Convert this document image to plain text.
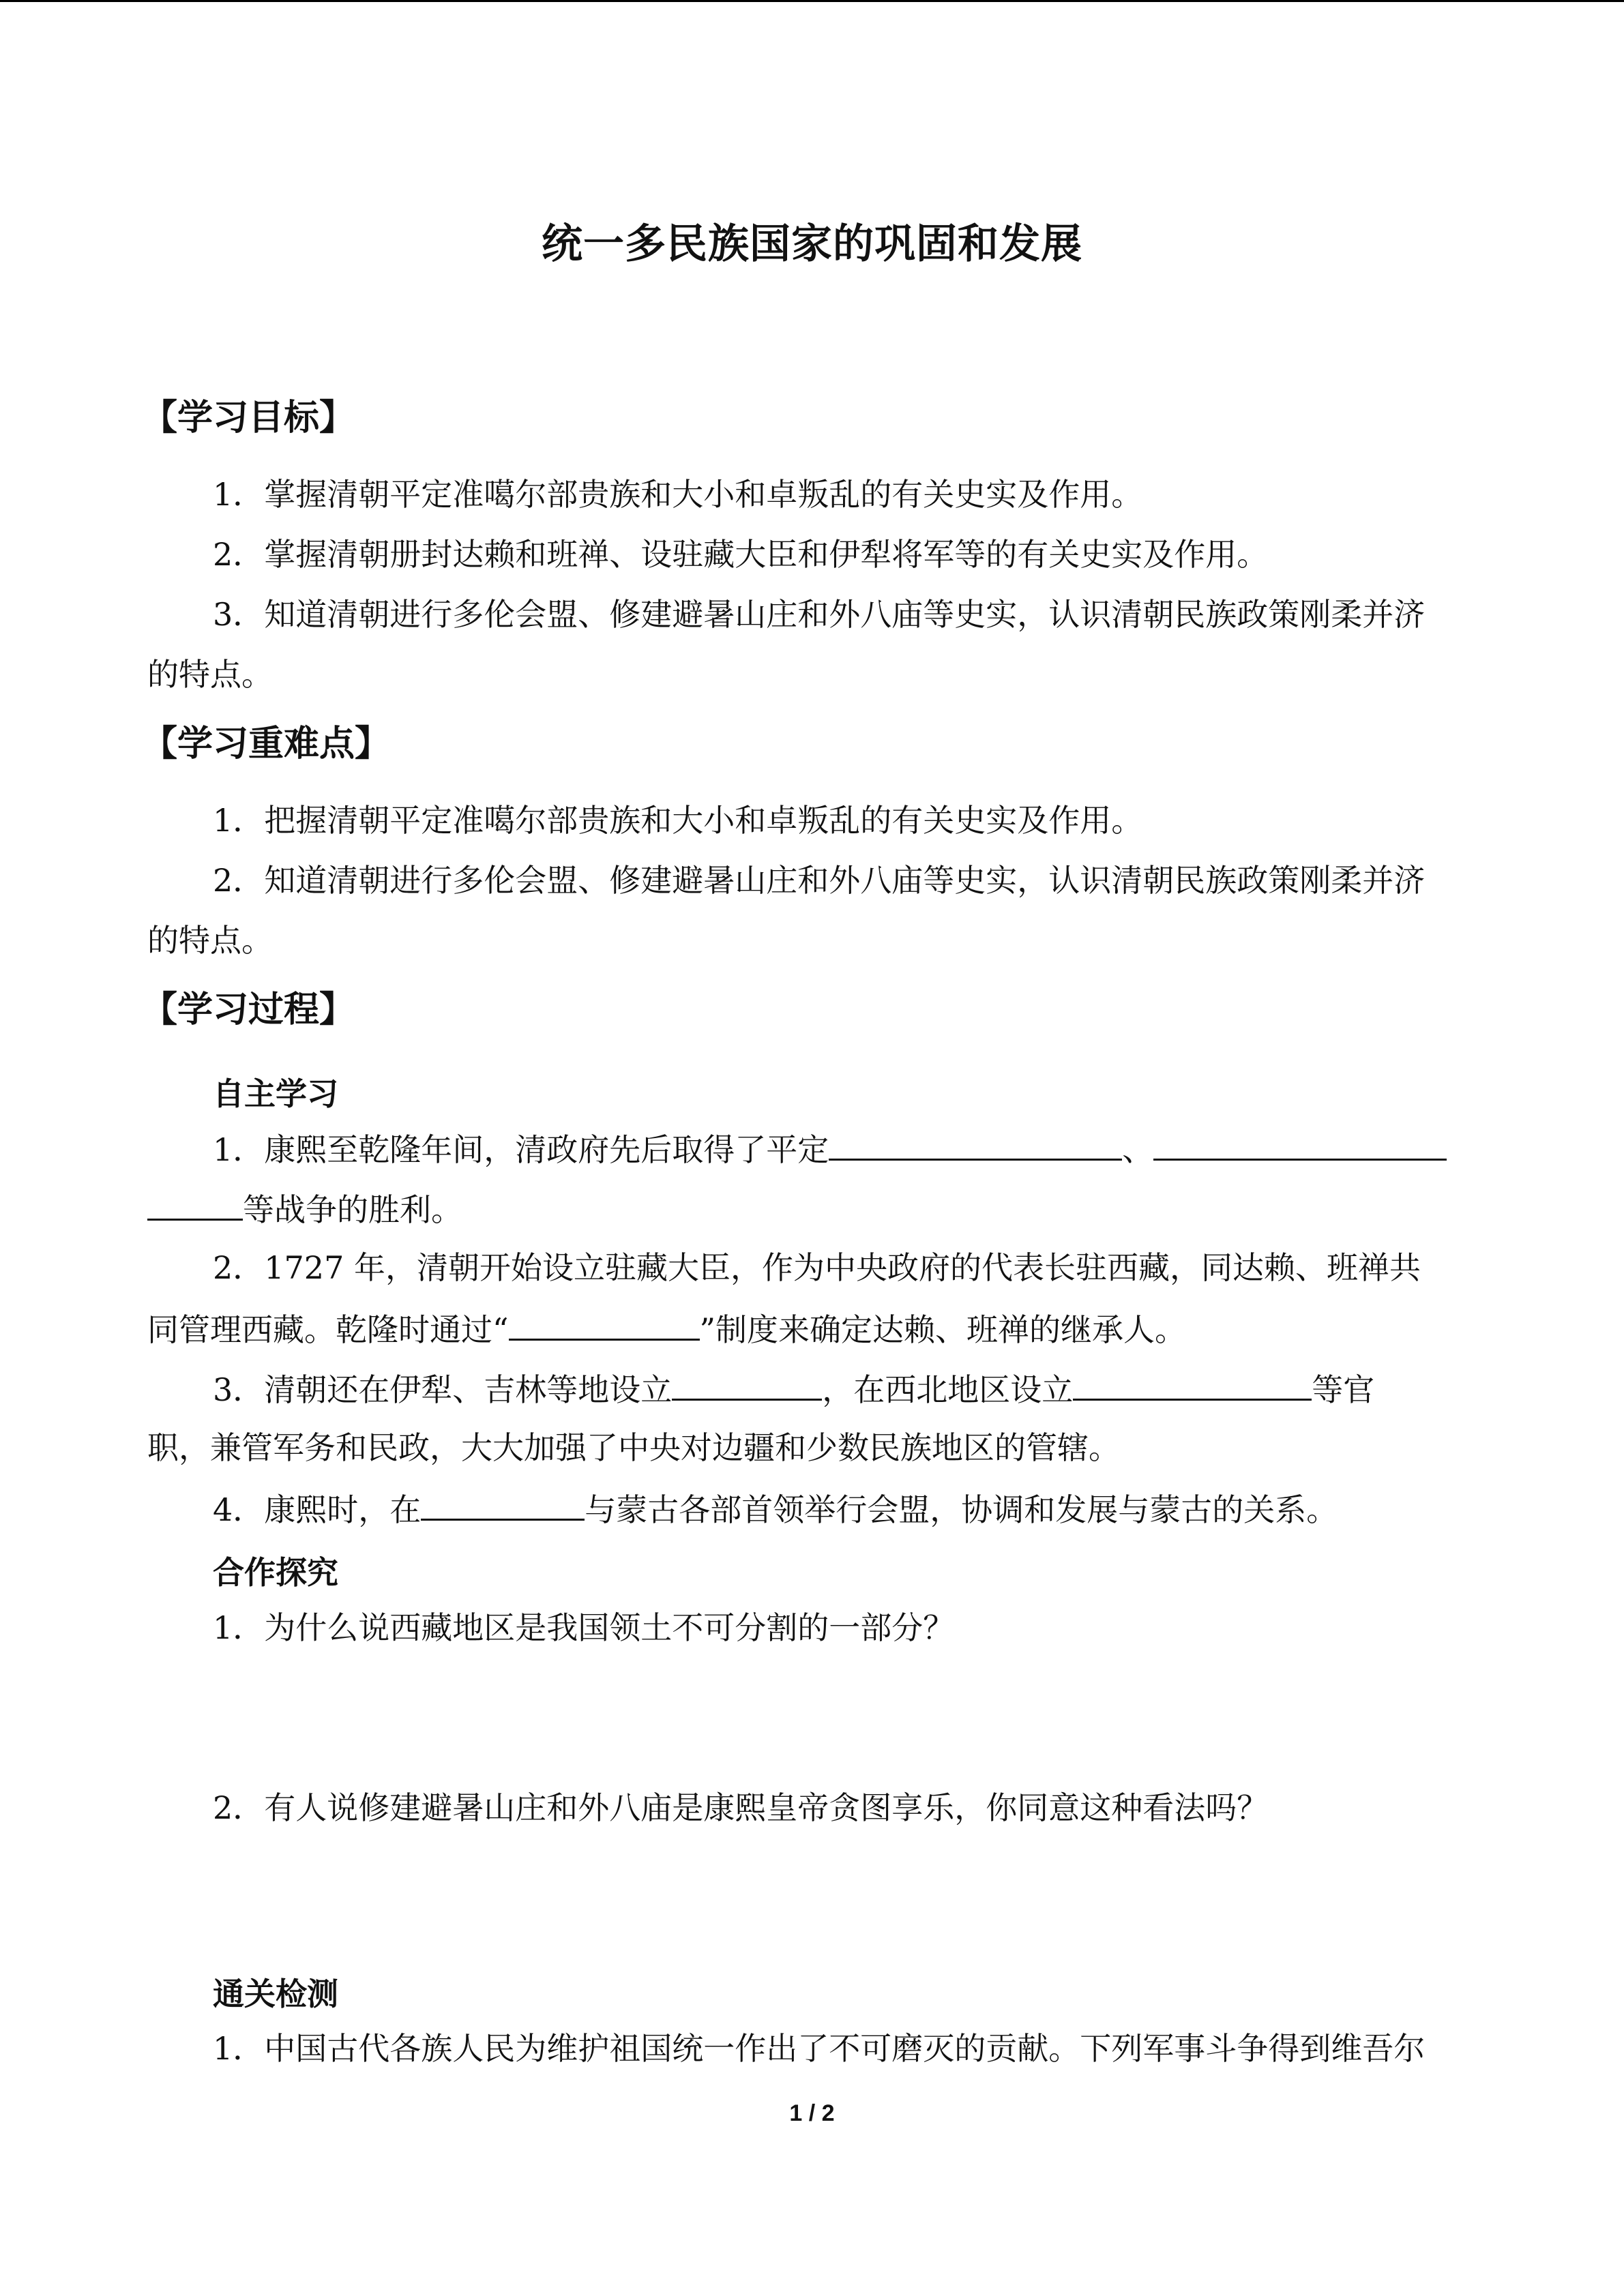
统一多民族国家的巩固和发展
【学习目标】
1．掌握清朝平定准噶尔部贵族和大小和卓叛乱的有关史实及作用。
2．掌握清朝册封达赖和班禅、设驻藏大臣和伊犁将军等的有关史实及作用。
3．知道清朝进行多伦会盟、修建避暑山庄和外八庙等史实，认识清朝民族政策刚柔并济
的特点。
【学习重难点】
1．把握清朝平定准噶尔部贵族和大小和卓叛乱的有关史实及作用。
2．知道清朝进行多伦会盟、修建避暑山庄和外八庙等史实，认识清朝民族政策刚柔并济
的特点。
【学习过程】
自主学习
1．康熙至乾隆年间，清政府先后取得了平定	、
等战争的胜利。
2．1727 年，清朝开始设立驻藏大臣，作为中央政府的代表长驻西藏，同达赖、班禅共
同管理西藏。乾隆时通过“	”制度来确定达赖、班禅的继承人。
3．清朝还在伊犁、吉林等地设立	，在西北地区设立	等官
职，兼管军务和民政，大大加强了中央对边疆和少数民族地区的管辖。
4．康熙时，在	与蒙古各部首领举行会盟，协调和发展与蒙古的关系。
合作探究
1．为什么说西藏地区是我国领土不可分割的一部分？
2．有人说修建避暑山庄和外八庙是康熙皇帝贪图享乐，你同意这种看法吗？
通关检测
1．中国古代各族人民为维护祖国统一作出了不可磨灭的贡献。下列军事斗争得到维吾尔
1 / 2
